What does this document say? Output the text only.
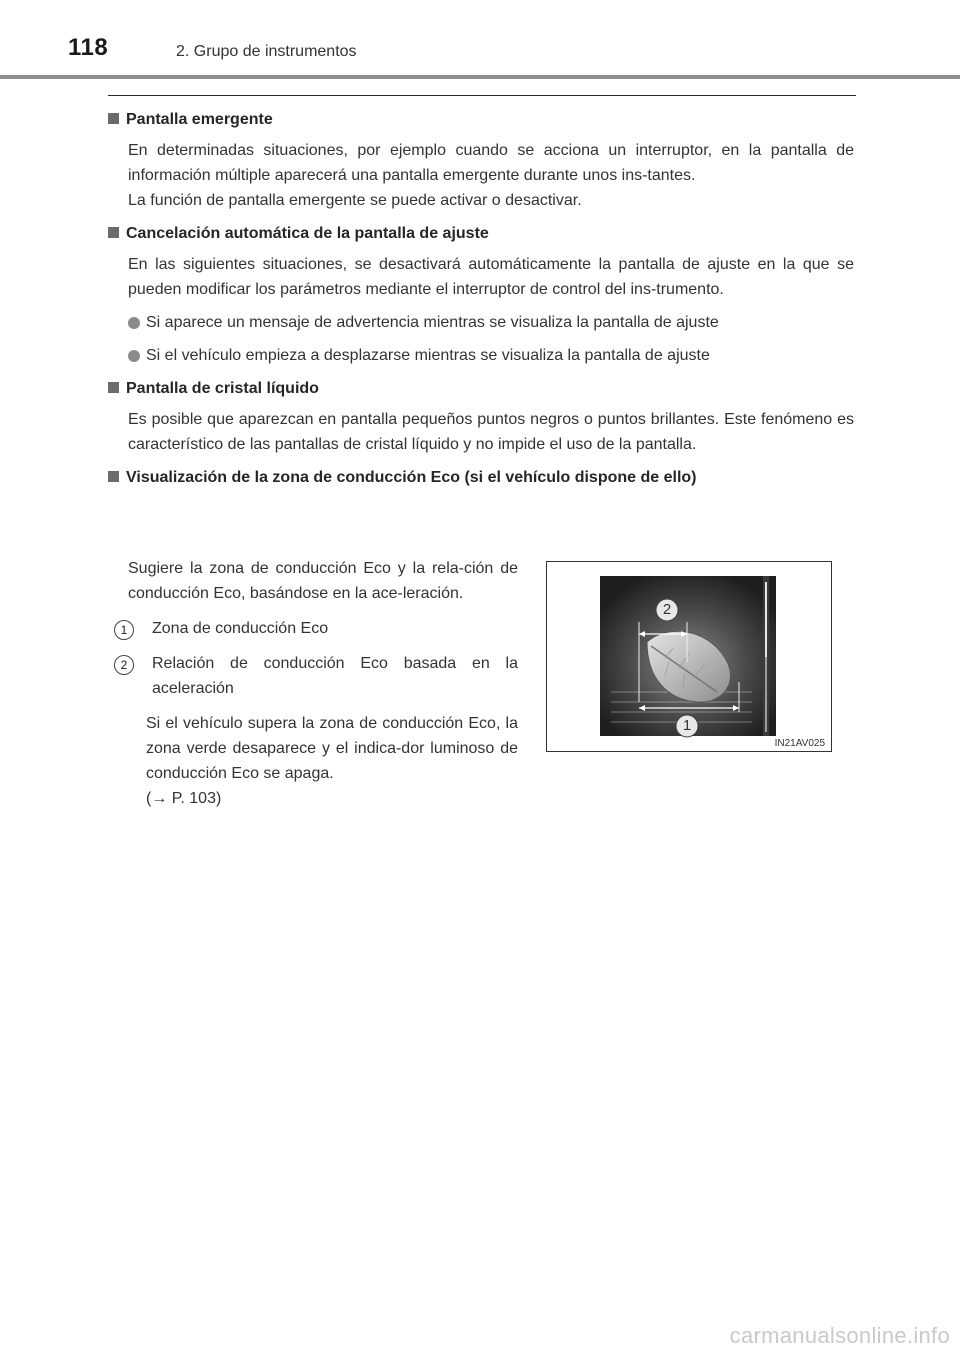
118	2. Grupo de instrumentos

Pantalla emergente

En determinadas situaciones, por ejemplo cuando se acciona un interruptor, en la pantalla de información múltiple aparecerá una pantalla emergente durante unos ins-tantes.

La función de pantalla emergente se puede activar o desactivar.

Cancelación automática de la pantalla de ajuste

En las siguientes situaciones, se desactivará automáticamente la pantalla de ajuste en la que se pueden modificar los parámetros mediante el interruptor de control del ins-trumento.

Si aparece un mensaje de advertencia mientras se visualiza la pantalla de ajuste
Si el vehículo empieza a desplazarse mientras se visualiza la pantalla de ajuste

Pantalla de cristal líquido

Es posible que aparezcan en pantalla pequeños puntos negros o puntos brillantes. Este fenómeno es característico de las pantallas de cristal líquido y no impide el uso de la pantalla.

Visualización de la zona de conducción Eco (si el vehículo dispone de ello)

Sugiere la zona de conducción Eco y la rela-ción de conducción Eco, basándose en la ace-leración.

1	Zona de conducción Eco
2	Relación de conducción Eco basada en la aceleración

Si el vehículo supera la zona de conducción Eco, la zona verde desaparece y el indica-dor luminoso de conducción Eco se apaga.
(→ P. 103)

2
1
IN21AV025
carmanualsonline.info
